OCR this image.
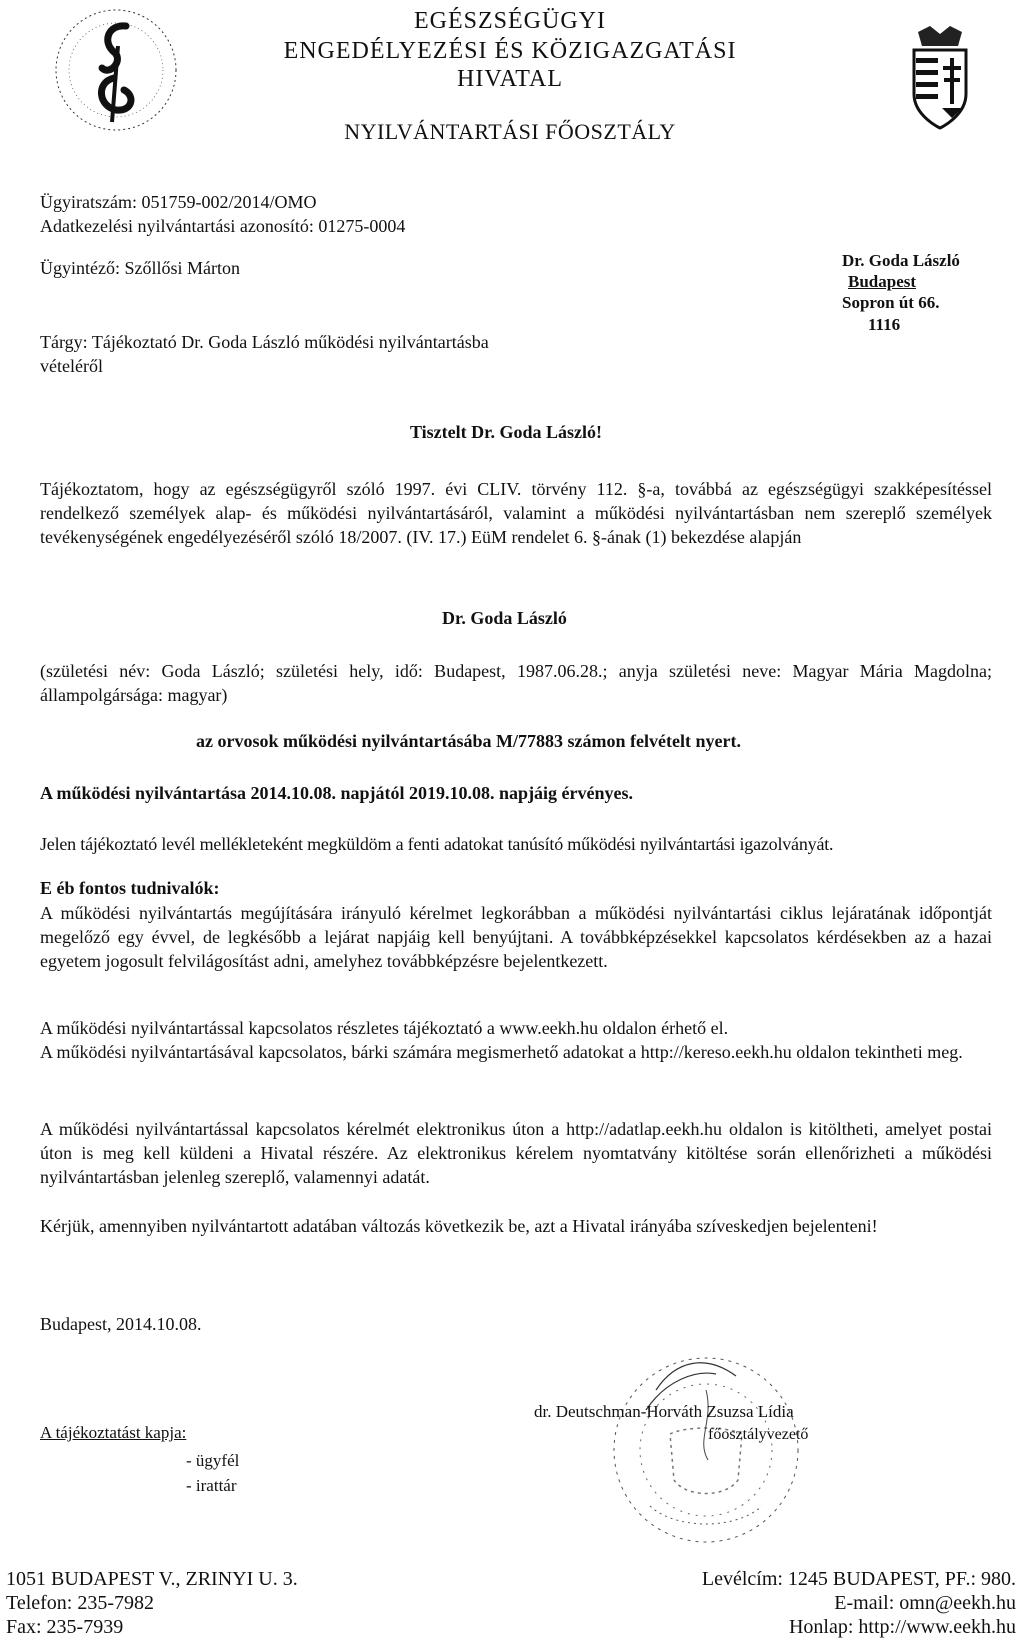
EGÉSZSÉGÜGYI
ENGEDÉLYEZÉSI ÉS KÖZIGAZGATÁSI
HIVATAL
NYILVÁNTARTÁSI FŐOSZTÁLY
Ügyiratszám: 051759-002/2014/OMO
Adatkezelési nyilvántartási azonosító: 01275-0004
Ügyintéző: Szőllősi Márton
Tárgy: Tájékoztató Dr. Goda László működési nyilvántartásba
vételéről
Dr. Goda László
Budapest
Sopron út 66.
1116
Tisztelt Dr. Goda László!
Tájékoztatom, hogy az egészségügyről szóló 1997. évi CLIV. törvény 112. §-a, továbbá az egészségügyi szakképesítéssel rendelkező személyek alap- és működési nyilvántartásáról, valamint a működési nyilvántartásban nem szereplő személyek tevékenységének engedélyezéséről szóló 18/2007. (IV. 17.) EüM rendelet 6. §-ának (1) bekezdése alapján
Dr. Goda László
(születési név: Goda László; születési hely, idő: Budapest, 1987.06.28.; anyja születési neve: Magyar Mária Magdolna; állampolgársága: magyar)
az orvosok működési nyilvántartásába M/77883 számon felvételt nyert.
A működési nyilvántartása 2014.10.08. napjától 2019.10.08. napjáig érvényes.
Jelen tájékoztató levél mellékleteként megküldöm a fenti adatokat tanúsító működési nyilvántartási igazolványát.
E éb fontos tudnivalók:
A működési nyilvántartás megújítására irányuló kérelmet legkorábban a működési nyilvántartási ciklus lejáratának időpontját megelőző egy évvel, de legkésőbb a lejárat napjáig kell benyújtani. A továbbképzésekkel kapcsolatos kérdésekben az a hazai egyetem jogosult felvilágosítást adni, amelyhez továbbképzésre bejelentkezett.
A működési nyilvántartással kapcsolatos részletes tájékoztató a www.eekh.hu oldalon érhető el.
A működési nyilvántartásával kapcsolatos, bárki számára megismerhető adatokat a http://kereso.eekh.hu oldalon tekintheti meg.
A működési nyilvántartással kapcsolatos kérelmét elektronikus úton a http://adatlap.eekh.hu oldalon is kitöltheti, amelyet postai úton is meg kell küldeni a Hivatal részére. Az elektronikus kérelem nyomtatvány kitöltése során ellenőrizheti a működési nyilvántartásban jelenleg szereplő, valamennyi adatát.
Kérjük, amennyiben nyilvántartott adatában változás következik be, azt a Hivatal irányába szíveskedjen bejelenteni!
Budapest, 2014.10.08.
dr. Deutschman-Horváth Zsuzsa Lídia
főosztályvezető
A tájékoztatást kapja:
- ügyfél
- irattár
1051 BUDAPEST V., ZRINYI U. 3.
Telefon: 235-7982
Fax: 235-7939
Levélcím: 1245 BUDAPEST, PF.: 980.
E-mail: omn@eekh.hu
Honlap: http://www.eekh.hu
